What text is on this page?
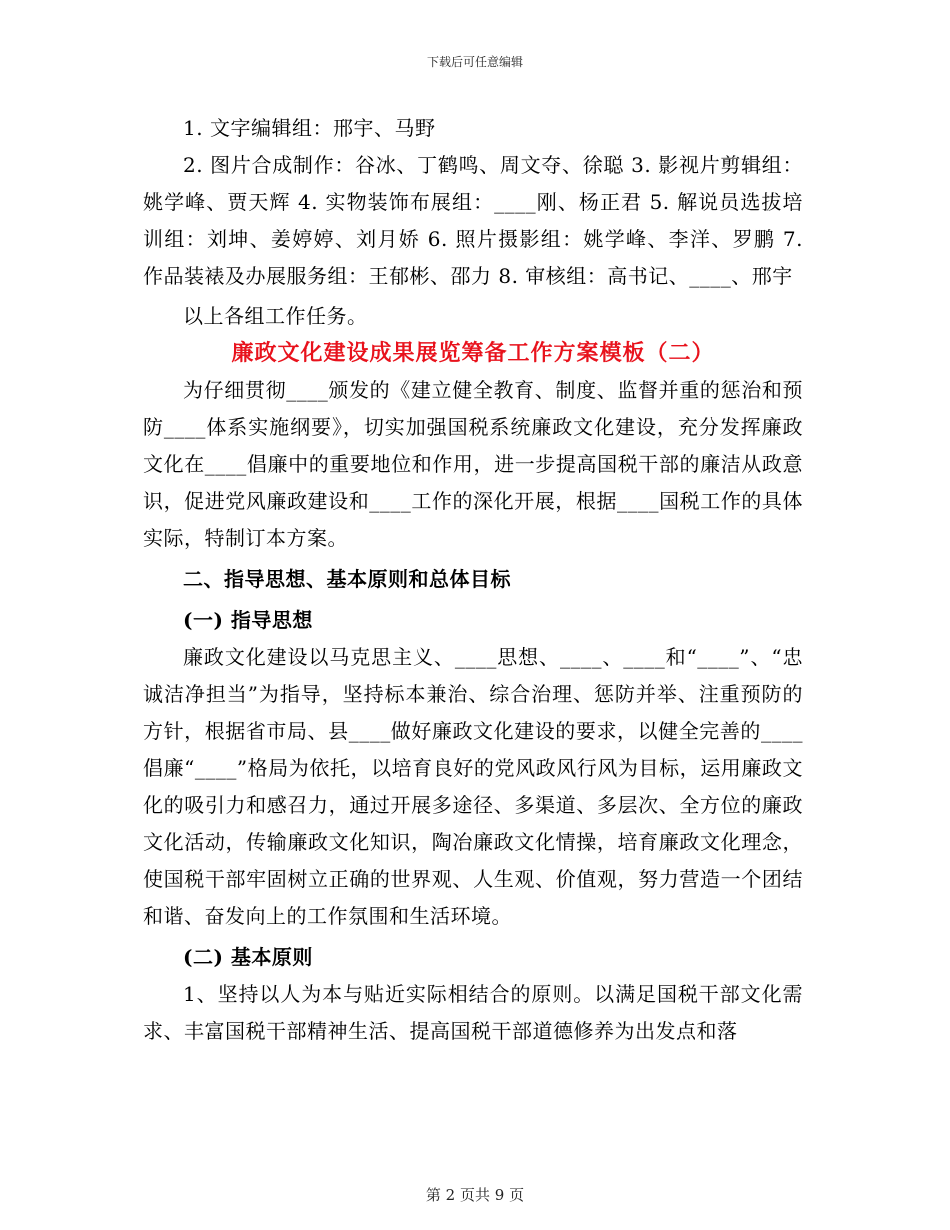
下载后可任意编辑

1. 文字编辑组：邢宇、马野

2. 图片合成制作：谷冰、丁鹤鸣、周文夺、徐聪 3. 影视片剪辑组：姚学峰、贾天辉 4. 实物装饰布展组：____刚、杨正君 5. 解说员选拔培训组：刘坤、姜婷婷、刘月娇 6. 照片摄影组：姚学峰、李洋、罗鹏 7. 作品装裱及办展服务组：王郁彬、邵力 8. 审核组：高书记、____、邢宇

以上各组工作任务。

廉政文化建设成果展览筹备工作方案模板（二）

为仔细贯彻____颁发的《建立健全教育、制度、监督并重的惩治和预防____体系实施纲要》，切实加强国税系统廉政文化建设，充分发挥廉政文化在____倡廉中的重要地位和作用，进一步提高国税干部的廉洁从政意识，促进党风廉政建设和____工作的深化开展，根据____国税工作的具体实际，特制订本方案。

二、指导思想、基本原则和总体目标

(一) 指导思想

廉政文化建设以马克思主义、____思想、____、____和“____”、“忠诚洁净担当”为指导，坚持标本兼治、综合治理、惩防并举、注重预防的方针，根据省市局、县____做好廉政文化建设的要求，以健全完善的____倡廉“____”格局为依托，以培育良好的党风政风行风为目标，运用廉政文化的吸引力和感召力，通过开展多途径、多渠道、多层次、全方位的廉政文化活动，传输廉政文化知识，陶冶廉政文化情操，培育廉政文化理念，使国税干部牢固树立正确的世界观、人生观、价值观，努力营造一个团结和谐、奋发向上的工作氛围和生活环境。

(二) 基本原则

1、坚持以人为本与贴近实际相结合的原则。以满足国税干部文化需求、丰富国税干部精神生活、提高国税干部道德修养为出发点和落

第 2 页共 9 页
